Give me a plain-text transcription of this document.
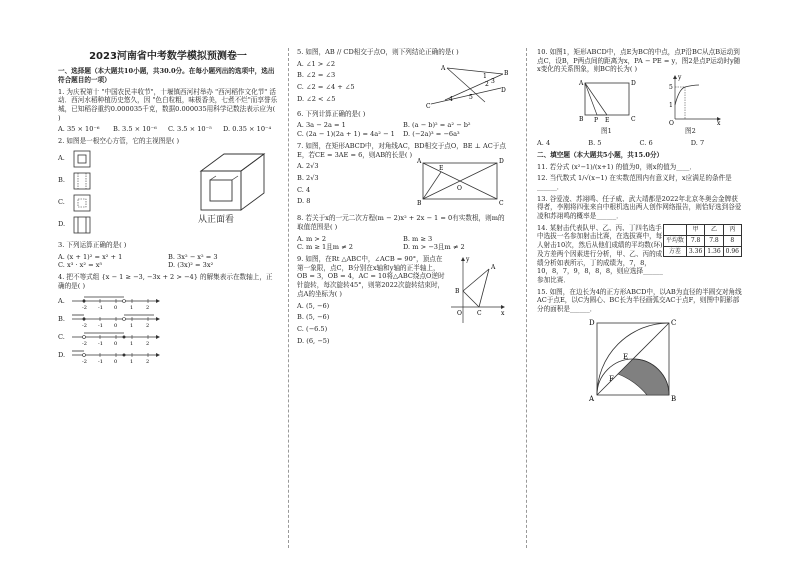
2023河南省中考数学模拟预测卷一

一、选择题（本大题共10小题，共30.0分。在每小题列出的选项中，选出符合题目的一项）

1. 为庆祝第十 "中国农民丰收节"，十堰镇西河村举办 "西河稻作文化节" 活动．西河水稻种植历史悠久，因 "色白粒粗，味极香美，七煮不烂"而享誉乐城，已知稻谷重约0.000035千克，数据0.000035用科学记数法表示应为( )

A. 35 × 10⁻⁶	B. 3.5 × 10⁻⁶	C. 3.5 × 10⁻⁵	D. 0.35 × 10⁻⁴

2. 如图是一根空心方管，它的主视图是( )

A.
B.
C.
D.	从正面看

3. 下列运算正确的是( )

A. (x + 1)² = x² + 1	B. 3x² − x² = 3
C. x³ · x² = x⁵	D. (3x)² = 3x²

4. 把不等式组 {x − 1 ≥ −3, −3x + 2 > −4} 的解集表示在数轴上，正确的是( )

A.
-2 -1 0	1	2
B.
-2 -1 0	1	2
C.
-2 -1 0	1	2
D.
-2 -1 0	1	2

5. 如图，AB // CD相交于点O，则下列结论正确的是( )

A. ∠1 > ∠2

B. ∠2 = ∠3

C. ∠2 = ∠4 + ∠5

D. ∠2 < ∠5

A
B
C
D
1
2 3
4	5

6. 下列计算正确的是( )

A. 3a − 2a = 1	B. (a − b)² = a² − b²
C. (2a − 1)(2a + 1) = 4a² − 1	D. (−2a)³ = −6a³

7. 如图，在矩形ABCD中，对角线AC，BD相交于点O，BE ⊥ AC于点E，若CE = 3AE = 6，则AB的长是( )

A. 2√3

B. 2√3

C. 4

D. 8

A	D
E
O
B	C

8. 若关于x的一元二次方程(m − 2)x² + 2x − 1 = 0有实数根，则m的取值范围是( )

A. m > 2	B. m ≥ 3
C. m ≥ 1且m ≠ 2	D. m > −3且m ≠ 2

9. 如图，在Rt △ABC中，∠ACB = 90°，顶点在第一象限，点C，B分别在x轴和y轴的正半轴上，OB = 3，OB = 4，AC = 10将△ABC绕点O逆时针旋转，每次旋转45°，则第2022次旋转结束时，点A的坐标为( )

A. (5, −6)

B. (5, −6)

C. (−6.5)

D. (6, −5)

y
A
B
O	C	x

10. 如图1，矩形ABCD中，点E为BC的中点，点P沿BC从点B运动到点C，设B，P两点间的距离为x，PA − PE = y，图2是点P运动时y随x变化的关系图象，则BC的长为( )

A	D
B P E	C
图1
y
5
1
O	x
图2
A. 4	B. 5	C. 6	D. 7

二、填空题（本大题共5小题，共15.0分）

11. 若分式 (x²−1)/(x+1) 的值为0，则x的值为____．

12. 当代数式 1/√(x−1) 在实数范围内有意义时，x应满足的条件是______．

13. 谷爱凌、苏翊鸣、任子威、武大靖都是2022年北京冬奥会金牌获得者，李刚将四张来自中根机选出两人创作网络报告，则恰好选到谷爱凌和苏翊鸣的概率是______．

	甲	乙	丙
平均数	7.8	7.8	8
方差	3.36	1.36	0.96

14. 某射击代表队甲、乙、丙、丁四名选手中选拔一名参加射击比赛，在选拔赛中，每人射击10次，然后从他们成绩的平均数(环)及方差两个因素进行分析，甲、乙、丙的成绩分析如表所示，丁的成绩为，7，8，10，8，7，9，8，8，8，则应选择______参加比赛．

15. 如图，在边长为4的正方形ABCD中，以AB为直径的半圆交对角线AC于点E，以C为圆心、BC长为半径画弧交AC于点F，则图中阴影部分的面积是______．

D	C
E
F
A	B
